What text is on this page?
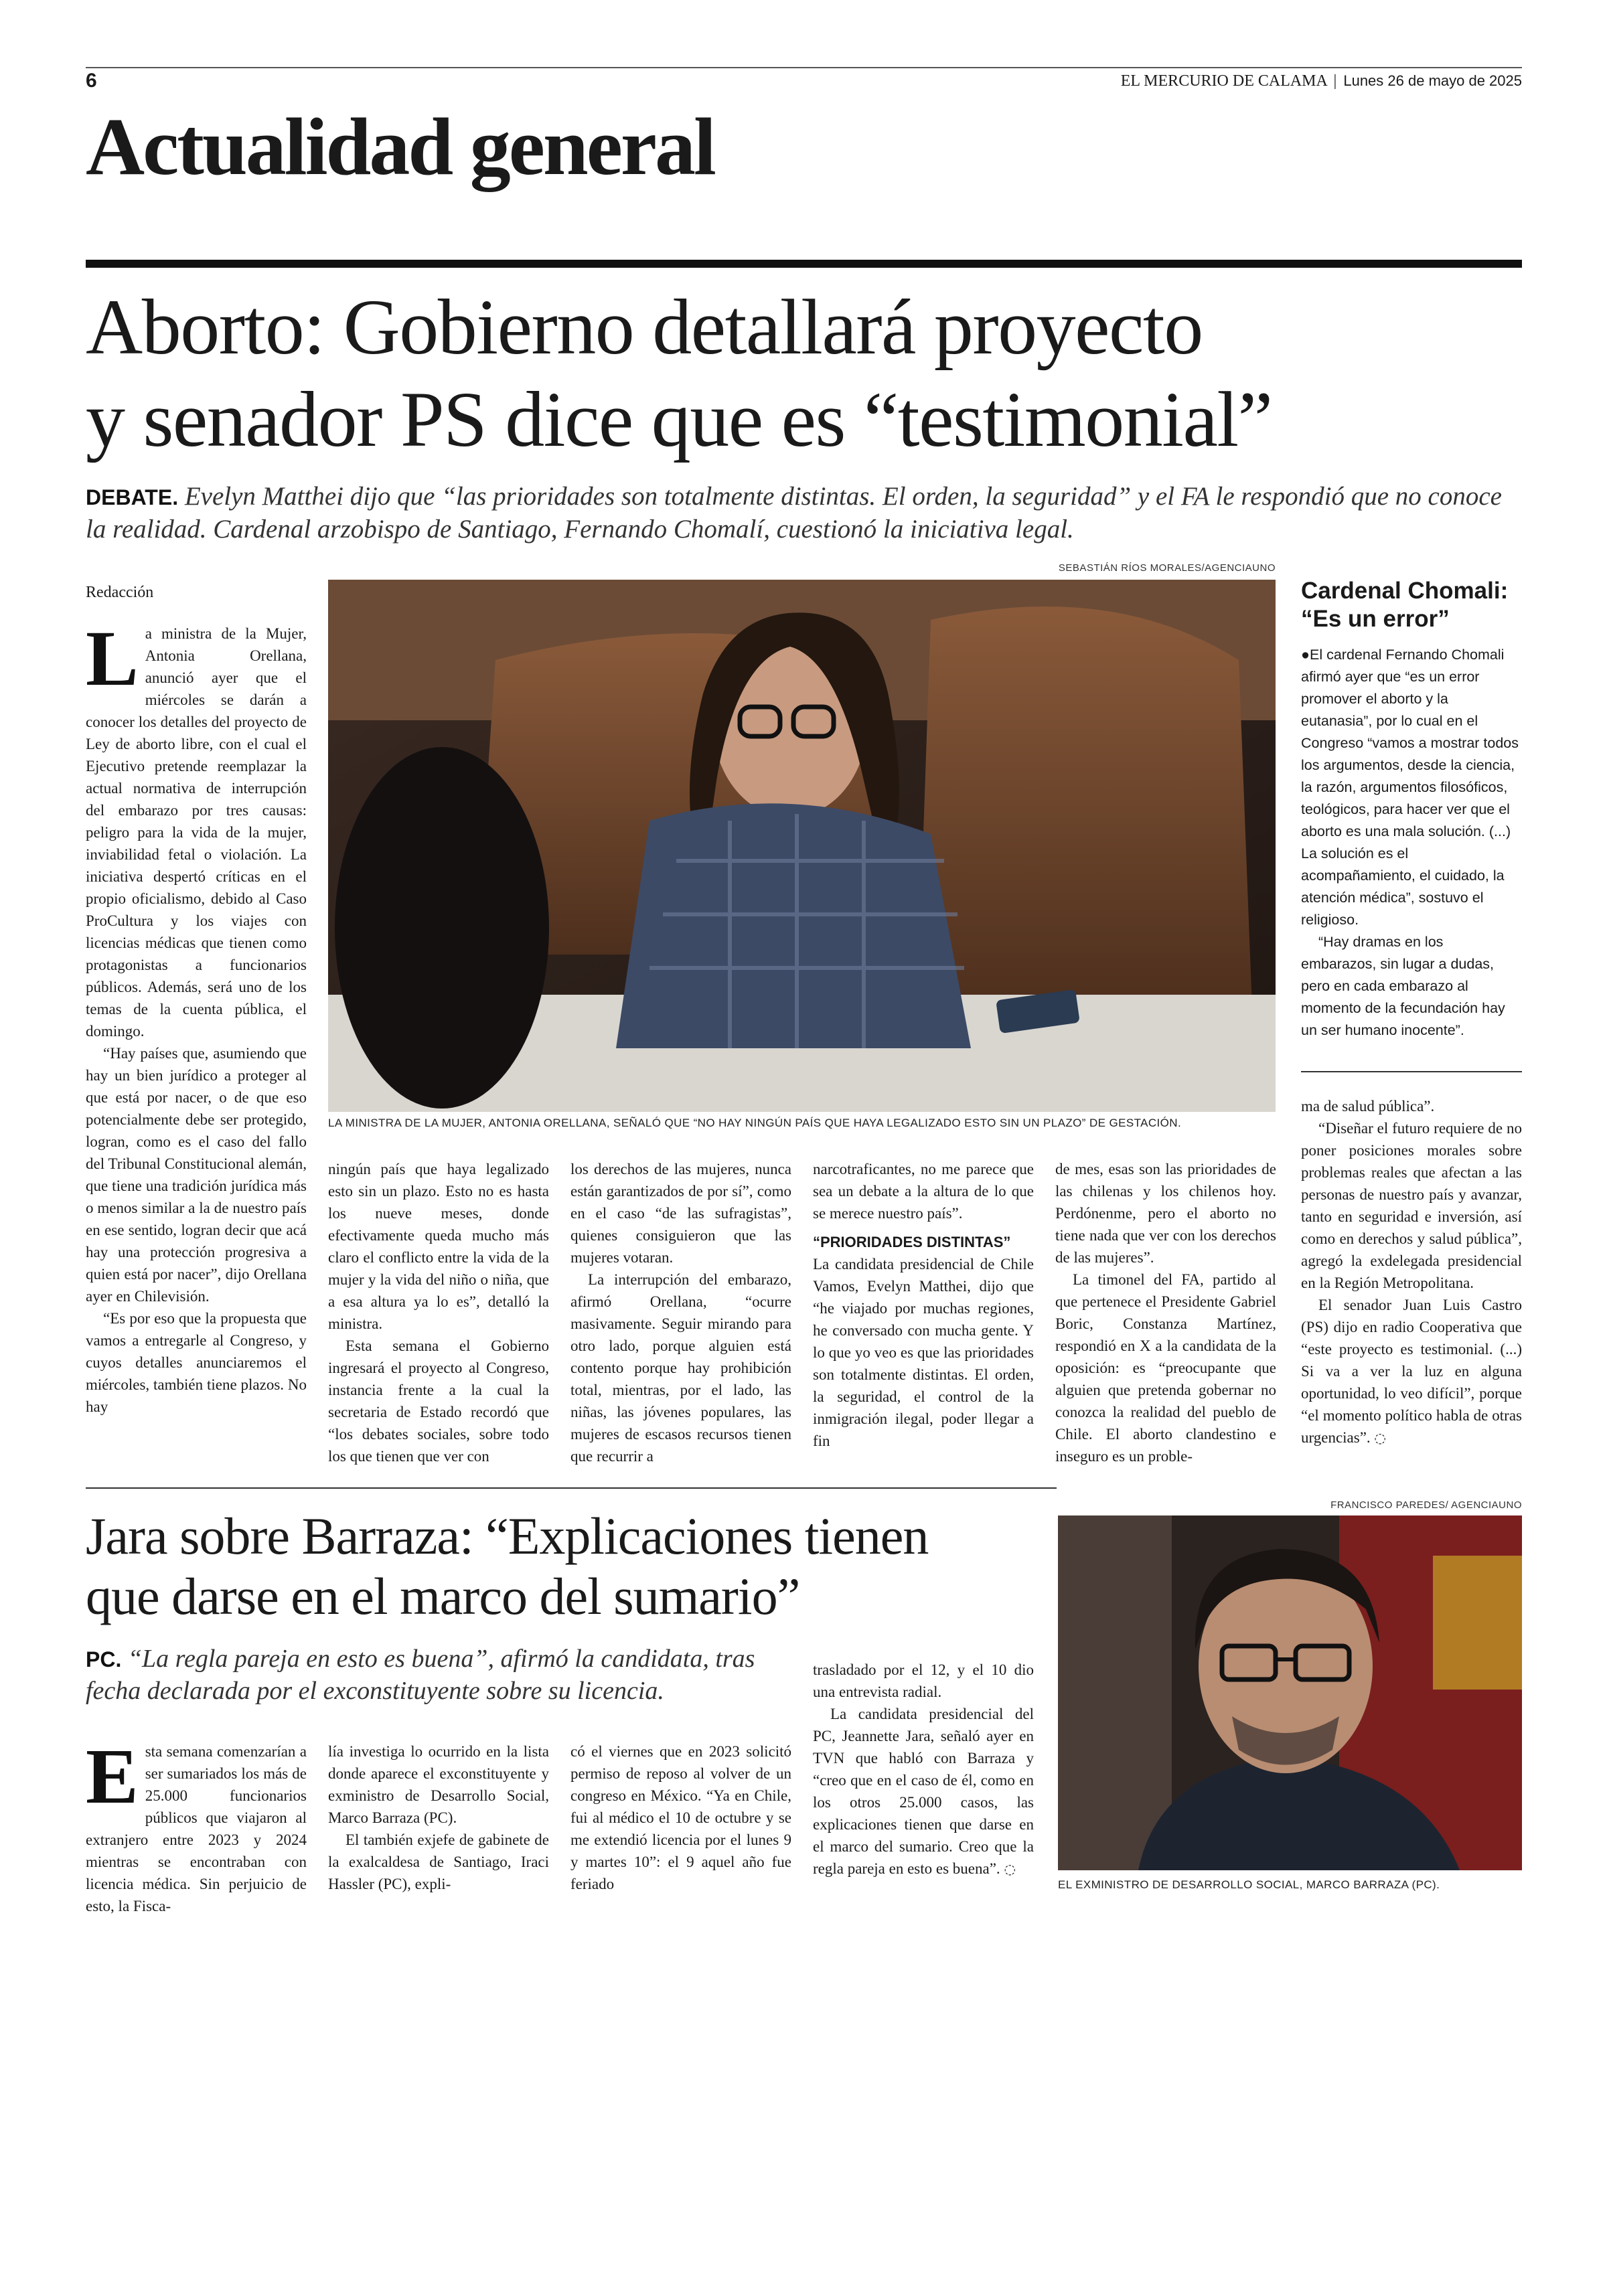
6	EL MERCURIO DE CALAMA | Lunes 26 de mayo de 2025
Actualidad general
Aborto: Gobierno detallará proyecto
y senador PS dice que es “testimonial”
DEBATE. Evelyn Matthei dijo que “las prioridades son totalmente distintas. El orden, la seguridad” y el FA le respondió que no conoce la realidad. Cardenal arzobispo de Santiago, Fernando Chomalí, cuestionó la iniciativa legal.
SEBASTIÁN RÍOS MORALES/AGENCIAUNO
LA MINISTRA DE LA MUJER, ANTONIA ORELLANA, SEÑALÓ QUE “NO HAY NINGÚN PAÍS QUE HAYA LEGALIZADO ESTO SIN UN PLAZO” DE GESTACIÓN.
Redacción
L a ministra de la Mujer, Antonia Orellana, anunció ayer que el miércoles se darán a conocer los detalles del proyecto de Ley de aborto libre, con el cual el Ejecutivo pretende reemplazar la actual normativa de interrupción del embarazo por tres causas: peligro para la vida de la mujer, inviabilidad fetal o violación. La iniciativa despertó críticas en el propio oficialismo, debido al Caso ProCultura y los viajes con licencias médicas que tienen como protagonistas a funcionarios públicos. Además, será uno de los temas de la cuenta pública, el domingo.

“Hay países que, asumiendo que hay un bien jurídico a proteger al que está por nacer, o de que eso potencialmente debe ser protegido, logran, como es el caso del fallo del Tribunal Constitucional alemán, que tiene una tradición jurídica más o menos similar a la de nuestro país en ese sentido, logran decir que acá hay una protección progresiva a quien está por nacer”, dijo Orellana ayer en Chilevisión.

“Es por eso que la propuesta que vamos a entregarle al Congreso, y cuyos detalles anunciaremos el miércoles, también tiene plazos. No hay

ningún país que haya legalizado esto sin un plazo. Esto no es hasta los nueve meses, donde efectivamente queda mucho más claro el conflicto entre la vida de la mujer y la vida del niño o niña, que a esa altura ya lo es”, detalló la ministra.

Esta semana el Gobierno ingresará el proyecto al Congreso, instancia frente a la cual la secretaria de Estado recordó que “los debates sociales, sobre todo los que tienen que ver con

los derechos de las mujeres, nunca están garantizados de por sí”, como en el caso “de las sufragistas”, quienes consiguieron que las mujeres votaran.

La interrupción del embarazo, afirmó Orellana, “ocurre masivamente. Seguir mirando para otro lado, porque alguien está contento porque hay prohibición total, mientras, por el lado, las niñas, las jóvenes populares, las mujeres de escasos recursos tienen que recurrir a

narcotraficantes, no me parece que sea un debate a la altura de lo que se merece nuestro país”.

“PRIORIDADES DISTINTAS”

La candidata presidencial de Chile Vamos, Evelyn Matthei, dijo que “he viajado por muchas regiones, he conversado con mucha gente. Y lo que yo veo es que las prioridades son totalmente distintas. El orden, la seguridad, el control de la inmigración ilegal, poder llegar a fin

de mes, esas son las prioridades de las chilenas y los chilenos hoy. Perdónenme, pero el aborto no tiene nada que ver con los derechos de las mujeres”.

La timonel del FA, partido al que pertenece el Presidente Gabriel Boric, Constanza Martínez, respondió en X a la candidata de la oposición: es “preocupante que alguien que pretenda gobernar no conozca la realidad del pueblo de Chile. El aborto clandestino e inseguro es un proble-

Cardenal Chomali:
“Es un error”

●El cardenal Fernando Chomali afirmó ayer que “es un error promover el aborto y la eutanasia”, por lo cual en el Congreso “vamos a mostrar todos los argumentos, desde la ciencia, la razón, argumentos filosóficos, teológicos, para hacer ver que el aborto es una mala solución. (...) La solución es el acompañamiento, el cuidado, la atención médica”, sostuvo el religioso.

“Hay dramas en los embarazos, sin lugar a dudas, pero en cada embarazo al momento de la fecundación hay un ser humano inocente”.

ma de salud pública”.

“Diseñar el futuro requiere de no poner posiciones morales sobre problemas reales que afectan a las personas de nuestro país y avanzar, tanto en seguridad e inversión, así como en derechos y salud pública”, agregó la exdelegada presidencial en la Región Metropolitana.

El senador Juan Luis Castro (PS) dijo en radio Cooperativa que “este proyecto es testimonial. (...) Si va a ver la luz en alguna oportunidad, lo veo difícil”, porque “el momento político habla de otras urgencias”. ◌

Jara sobre Barraza: “Explicaciones tienen
que darse en el marco del sumario”
PC. “La regla pareja en esto es buena”, afirmó la candidata, tras fecha declarada por el exconstituyente sobre su licencia.
E sta semana comenzarían a ser sumariados los más de 25.000 funcionarios públicos que viajaron al extranjero entre 2023 y 2024 mientras se encontraban con licencia médica. Sin perjuicio de esto, la Fisca-

lía investiga lo ocurrido en la lista donde aparece el exconstituyente y exministro de Desarrollo Social, Marco Barraza (PC).

El también exjefe de gabinete de la exalcaldesa de Santiago, Iraci Hassler (PC), expli-

có el viernes que en 2023 solicitó permiso de reposo al volver de un congreso en México. “Ya en Chile, fui al médico el 10 de octubre y se me extendió licencia por el lunes 9 y martes 10”: el 9 aquel año fue feriado

trasladado por el 12, y el 10 dio una entrevista radial.

La candidata presidencial del PC, Jeannette Jara, señaló ayer en TVN que habló con Barraza y “creo que en el caso de él, como en los otros 25.000 casos, las explicaciones tienen que darse en el marco del sumario. Creo que la regla pareja en esto es buena”. ◌

FRANCISCO PAREDES/ AGENCIAUNO
EL EXMINISTRO DE DESARROLLO SOCIAL, MARCO BARRAZA (PC).
